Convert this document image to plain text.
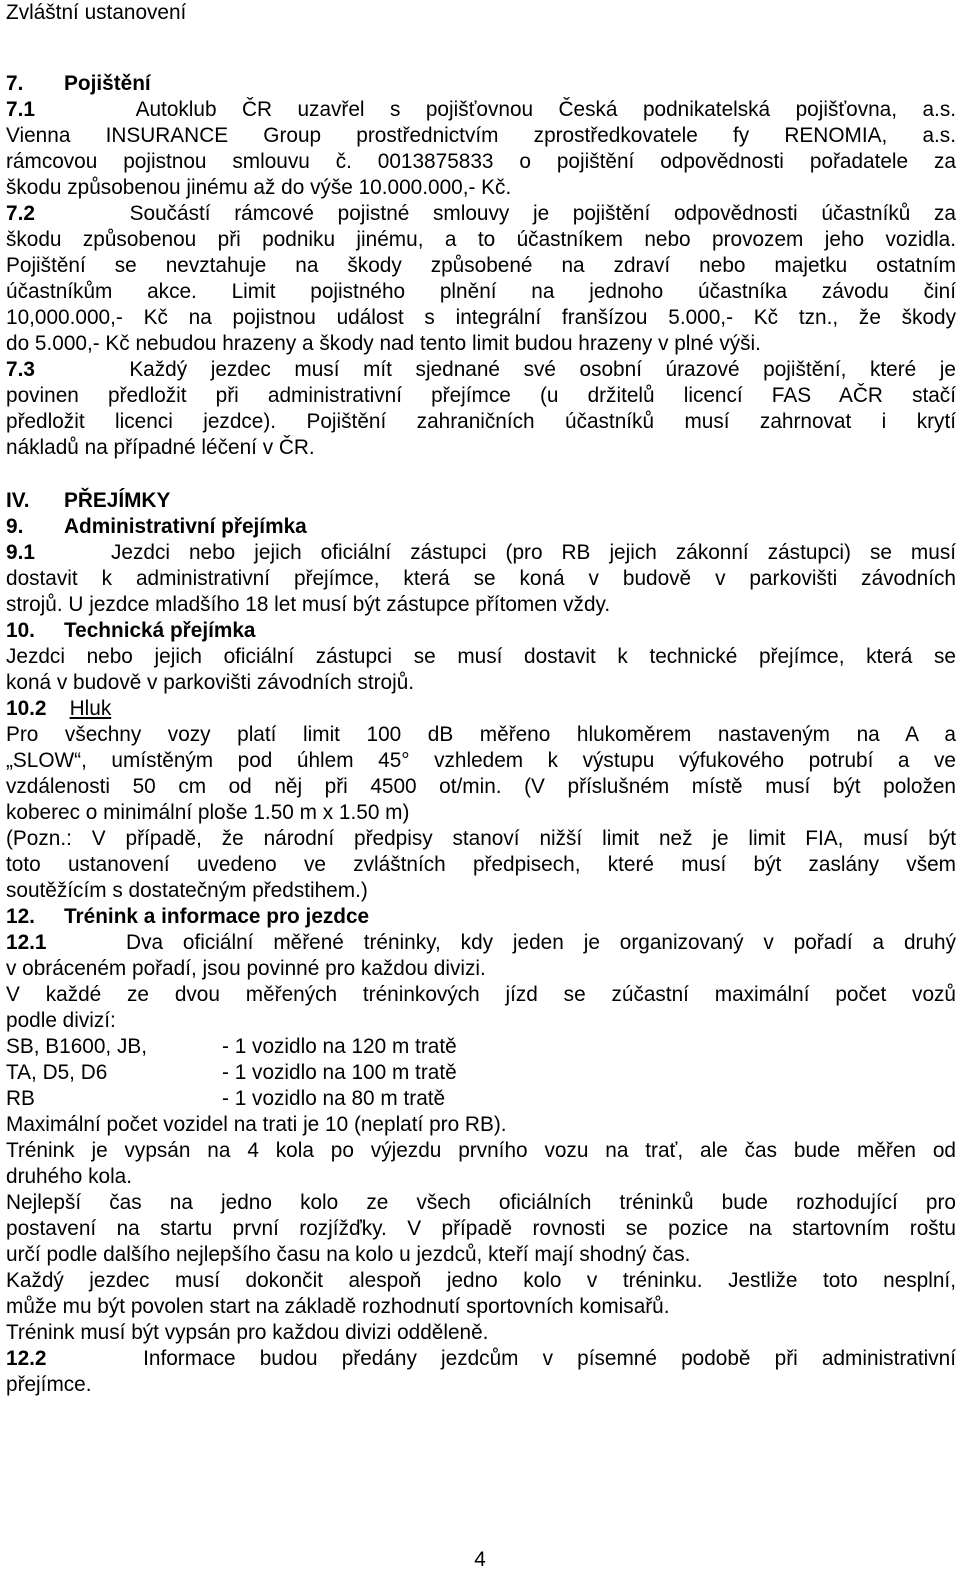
Zvláštní ustanovení
7. Pojištění
7.1	Autoklub ČR uzavřel s pojišťovnou Česká podnikatelská pojišťovna, a.s.
Vienna INSURANCE Group prostřednictvím zprostředkovatele fy RENOMIA, a.s.
rámcovou pojistnou smlouvu č. 0013875833 o pojištění odpovědnosti pořadatele za
škodu způsobenou jinému až do výše 10.000.000,- Kč.
7.2	Součástí rámcové pojistné smlouvy je pojištění odpovědnosti účastníků za
škodu způsobenou při podniku jinému, a to účastníkem nebo provozem jeho vozidla.
Pojištění se nevztahuje na škody způsobené na zdraví nebo majetku ostatním
účastníkům akce. Limit pojistného plnění na jednoho účastníka závodu činí
10,000.000,- Kč na pojistnou událost s integrální franšízou 5.000,- Kč tzn., že škody
do 5.000,- Kč nebudou hrazeny a škody nad tento limit budou hrazeny v plné výši.
7.3	Každý jezdec musí mít sjednané své osobní úrazové pojištění, které je
povinen předložit při administrativní přejímce (u držitelů licencí FAS AČR stačí
předložit licenci jezdce). Pojištění zahraničních účastníků musí zahrnovat i krytí
nákladů na případné léčení v ČR.
IV. PŘEJÍMKY
9. Administrativní přejímka
9.1	Jezdci nebo jejich oficiální zástupci (pro RB jejich zákonní zástupci) se musí
dostavit k administrativní přejímce, která se koná v budově v parkovišti závodních
strojů. U jezdce mladšího 18 let musí být zástupce přítomen vždy.
10. Technická přejímka
Jezdci nebo jejich oficiální zástupci se musí dostavit k technické přejímce, která se
koná v budově v parkovišti závodních strojů.
10.2 Hluk
Pro všechny vozy platí limit 100 dB měřeno hlukoměrem nastaveným na A a
„SLOW“, umístěným pod úhlem 45° vzhledem k výstupu výfukového potrubí a ve
vzdálenosti 50 cm od něj při 4500 ot/min. (V příslušném místě musí být položen
koberec o minimální ploše 1.50 m x 1.50 m)
(Pozn.: V případě, že národní předpisy stanoví nižší limit než je limit FIA, musí být
toto ustanovení uvedeno ve zvláštních předpisech, které musí být zaslány všem
soutěžícím s dostatečným předstihem.)
12. Trénink a informace pro jezdce
12.1	Dva oficiální měřené tréninky, kdy jeden je organizovaný v pořadí a druhý
v obráceném pořadí, jsou povinné pro každou divizi.
V každé ze dvou měřených tréninkových jízd se zúčastní maximální počet vozů
podle divizí:
SB, B1600, JB,	- 1 vozidlo na 120 m tratě
TA, D5, D6	- 1 vozidlo na 100 m tratě
RB	- 1 vozidlo na 80 m tratě
Maximální počet vozidel na trati je 10 (neplatí pro RB).
Trénink je vypsán na 4 kola po výjezdu prvního vozu na trať, ale čas bude měřen od
druhého kola.
Nejlepší čas na jedno kolo ze všech oficiálních tréninků bude rozhodující pro
postavení na startu první rozjížďky. V případě rovnosti se pozice na startovním roštu
určí podle dalšího nejlepšího času na kolo u jezdců, kteří mají shodný čas.
Každý jezdec musí dokončit alespoň jedno kolo v tréninku. Jestliže toto nesplní,
může mu být povolen start na základě rozhodnutí sportovních komisařů.
Trénink musí být vypsán pro každou divizi odděleně.
12.2	Informace budou předány jezdcům v písemné podobě při administrativní
přejímce.
4
